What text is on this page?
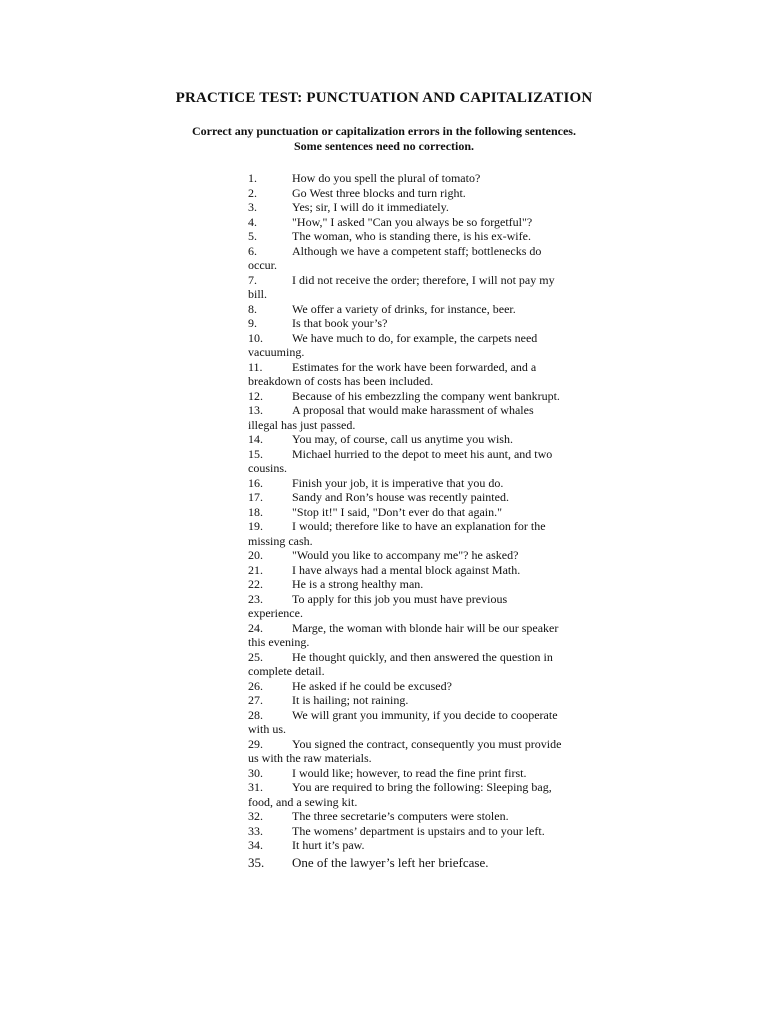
PRACTICE TEST: PUNCTUATION AND CAPITALIZATION
Correct any punctuation or capitalization errors in the following sentences.
Some sentences need no correction.
1.	How do you spell the plural of tomato?
2.	Go West three blocks and turn right.
3.	Yes; sir, I will do it immediately.
4.	"How," I asked "Can you always be so forgetful"?
5.	The woman, who is standing there, is his ex-wife.
6.	Although we have a competent staff; bottlenecks do occur.
7.	I did not receive the order; therefore, I will not pay my bill.
8.	We offer a variety of drinks, for instance, beer.
9.	Is that book your’s?
10. We have much to do, for example, the carpets need vacuuming.
11. Estimates for the work have been forwarded, and a breakdown of costs has been included.
12. Because of his embezzling the company went bankrupt.
13. A proposal that would make harassment of whales illegal has just passed.
14. You may, of course, call us anytime you wish.
15. Michael hurried to the depot to meet his aunt, and two cousins.
16. Finish your job, it is imperative that you do.
17. Sandy and Ron’s house was recently painted.
18. "Stop it!" I said, "Don’t ever do that again."
19. I would; therefore like to have an explanation for the missing cash.
20. "Would you like to accompany me"? he asked?
21. I have always had a mental block against Math.
22. He is a strong healthy man.
23. To apply for this job you must have previous experience.
24. Marge, the woman with blonde hair will be our speaker this evening.
25. He thought quickly, and then answered the question in complete detail.
26. He asked if he could be excused?
27. It is hailing; not raining.
28. We will grant you immunity, if you decide to cooperate with us.
29. You signed the contract, consequently you must provide us with the raw materials.
30. I would like; however, to read the fine print first.
31. You are required to bring the following: Sleeping bag, food, and a sewing kit.
32. The three secretarie’s computers were stolen.
33. The womens’ department is upstairs and to your left.
34. It hurt it’s paw.
35. One of the lawyer’s left her briefcase.
